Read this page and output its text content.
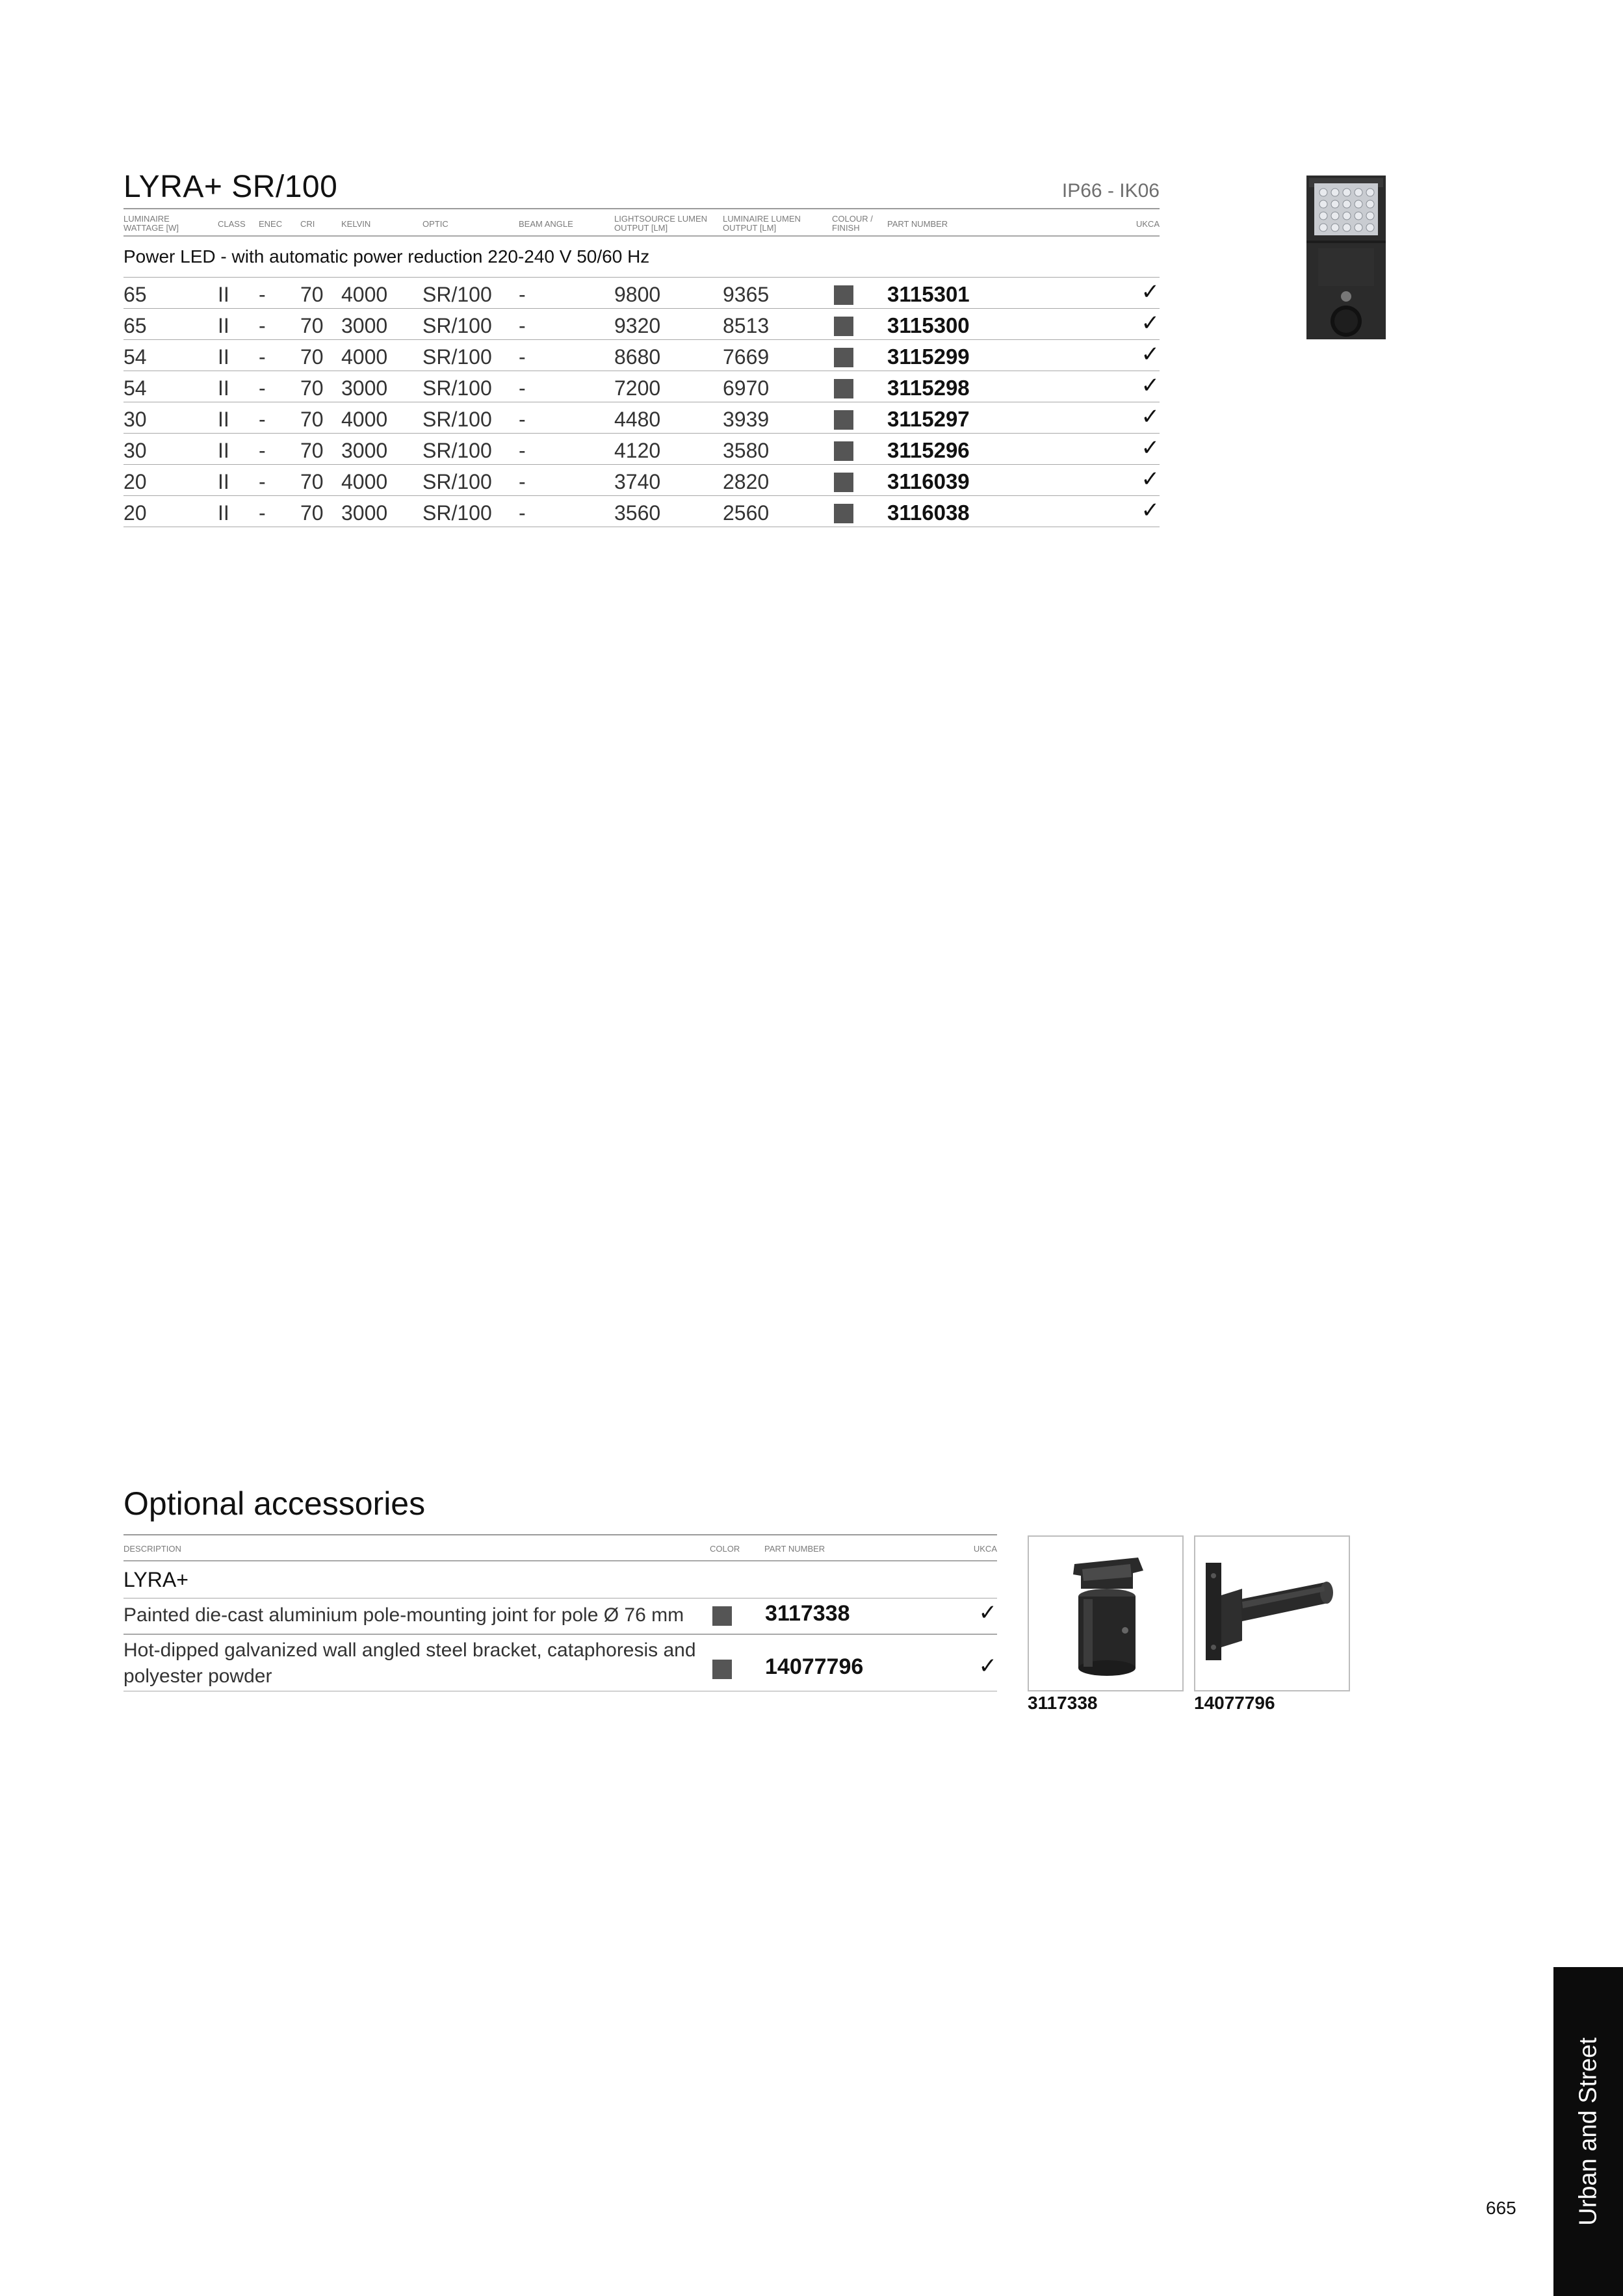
LYRA+ SR/100	IP66 - IK06
LUMINAIRE WATTAGE [W]	CLASS ENEC CRI	KELVIN	OPTIC	BEAM ANGLE
LIGHTSOURCE LUMEN OUTPUT [LM]
LUMINAIRE LUMEN OUTPUT [LM]
COLOUR / FINISH	PART NUMBER	UKCA
Power LED - with automatic power reduction 220-240 V 50/60 Hz
65	II - 70 4000 SR/100 -	9800	9365	3115301	✓
65	II - 70 3000 SR/100 -	9320	8513	3115300	✓
54	II - 70 4000 SR/100 -	8680	7669	3115299	✓
54	II - 70 3000 SR/100 -	7200	6970	3115298	✓
30	II - 70 4000 SR/100 -	4480	3939	3115297	✓
30	II - 70 3000 SR/100 -	4120	3580	3115296	✓
20	II - 70 4000 SR/100 -	3740	2820	3116039	✓
20	II - 70 3000 SR/100 -	3560	2560	3116038	✓
Optional accessories
DESCRIPTION	COLOR	PART NUMBER	UKCA
LYRA+
Painted die-cast aluminium pole-mounting joint for pole Ø 76 mm	3117338	✓
Hot-dipped galvanized wall angled steel bracket, cataphoresis and
polyester powder	14077796	✓
3117338	14077796
Urban and Street
665
